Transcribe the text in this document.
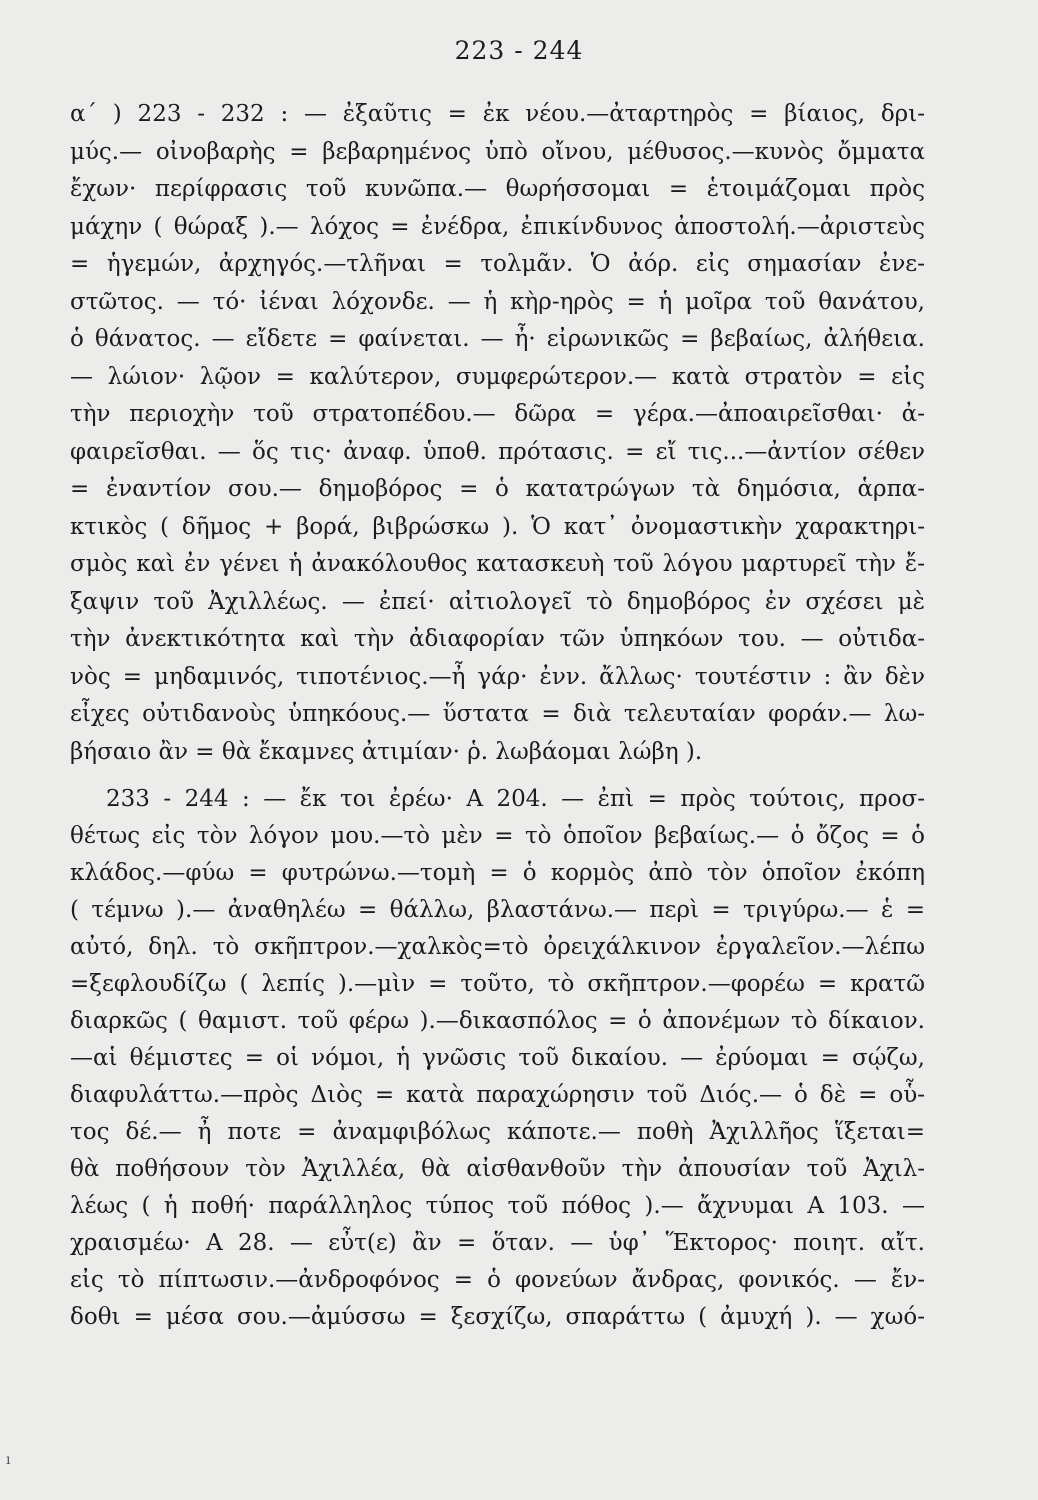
223 - 244
α΄ ) 223 - 232 : — ἐξαῦτις = ἐκ νέου.—ἀταρτηρὸς = βίαιος, δρι-
μύς.— οἰνοβαρὴς = βεβαρημένος ὑπὸ οἴνου, μέθυσος.—κυνὸς ὄμματα
ἔχων· περίφρασις τοῦ κυνῶπα.— θωρήσσομαι = ἑτοιμάζομαι πρὸς
μάχην ( θώραξ ).— λόχος = ἐνέδρα, ἐπικίνδυνος ἀποστολή.—ἀριστεὺς
= ἡγεμών, ἀρχηγός.—τλῆναι = τολμᾶν. Ὁ ἀόρ. εἰς σημασίαν ἐνε-
στῶτος. — τό· ἰέναι λόχονδε. — ἡ κὴρ-ηρὸς = ἡ μοῖρα τοῦ θανάτου,
ὁ θάνατος. — εἴδετε = φαίνεται. — ἦ· εἰρωνικῶς = βεβαίως, ἀλήθεια.
— λώιον· λῷον = καλύτερον, συμφερώτερον.— κατὰ στρατὸν = εἰς
τὴν περιοχὴν τοῦ στρατοπέδου.— δῶρα = γέρα.—ἀποαιρεῖσθαι· ἀ-
φαιρεῖσθαι. — ὅς τις· ἀναφ. ὑποθ. πρότασις. = εἴ τις...—ἀντίον σέθεν
= ἐναντίον σου.— δημοβόρος = ὁ κατατρώγων τὰ δημόσια, ἁρπα-
κτικὸς ( δῆμος + βορά, βιβρώσκω ). Ὁ κατ᾿ ὀνομαστικὴν χαρακτηρι-
σμὸς καὶ ἐν γένει ἡ ἀνακόλουθος κατασκευὴ τοῦ λόγου μαρτυρεῖ τὴν ἔ-
ξαψιν τοῦ Ἀχιλλέως. — ἐπεί· αἰτιολογεῖ τὸ δημοβόρος ἐν σχέσει μὲ
τὴν ἀνεκτικότητα καὶ τὴν ἀδιαφορίαν τῶν ὑπηκόων του. — οὐτιδα-
νὸς = μηδαμινός, τιποτένιος.—ἦ γάρ· ἐνν. ἄλλως· τουτέστιν : ἂν δὲν
εἶχες οὐτιδανοὺς ὑπηκόους.— ὕστατα = διὰ τελευταίαν φοράν.— λω-
βήσαιο ἂν = θὰ ἔκαμνες ἀτιμίαν· ῥ. λωβάομαι λώβη ).
233 - 244 : — ἔκ τοι ἐρέω· Α 204. — ἐπὶ = πρὸς τούτοις, προσ-
θέτως εἰς τὸν λόγον μου.—τὸ μὲν = τὸ ὁποῖον βεβαίως.— ὁ ὄζος = ὁ
κλάδος.—φύω = φυτρώνω.—τομὴ = ὁ κορμὸς ἀπὸ τὸν ὁποῖον ἐκόπη
( τέμνω ).— ἀναθηλέω = θάλλω, βλαστάνω.— περὶ = τριγύρω.— ἑ =
αὐτό, δηλ. τὸ σκῆπτρον.—χαλκὸς=τὸ ὀρειχάλκινον ἐργαλεῖον.—λέπω
=ξεφλουδίζω ( λεπίς ).—μὶν = τοῦτο, τὸ σκῆπτρον.—φορέω = κρατῶ
διαρκῶς ( θαμιστ. τοῦ φέρω ).—δικασπόλος = ὁ ἀπονέμων τὸ δίκαιον.
—αἱ θέμιστες = οἱ νόμοι, ἡ γνῶσις τοῦ δικαίου. — ἐρύομαι = σῴζω,
διαφυλάττω.—πρὸς Διὸς = κατὰ παραχώρησιν τοῦ Διός.— ὁ δὲ = οὗ-
τος δέ.— ἦ ποτε = ἀναμφιβόλως κάποτε.— ποθὴ Ἀχιλλῆος ἵξεται=
θὰ ποθήσουν τὸν Ἀχιλλέα, θὰ αἰσθανθοῦν τὴν ἀπουσίαν τοῦ Ἀχιλ-
λέως ( ἡ ποθή· παράλληλος τύπος τοῦ πόθος ).— ἄχνυμαι Α 103. —
χραισμέω· Α 28. — εὖτ(ε) ἂν = ὅταν. — ὑφ᾿ Ἕκτορος· ποιητ. αἴτ.
εἰς τὸ πίπτωσιν.—ἀνδροφόνος = ὁ φονεύων ἄνδρας, φονικός. — ἔν-
δοθι = μέσα σου.—ἀμύσσω = ξεσχίζω, σπαράττω ( ἀμυχή ). — χωό-
ı
